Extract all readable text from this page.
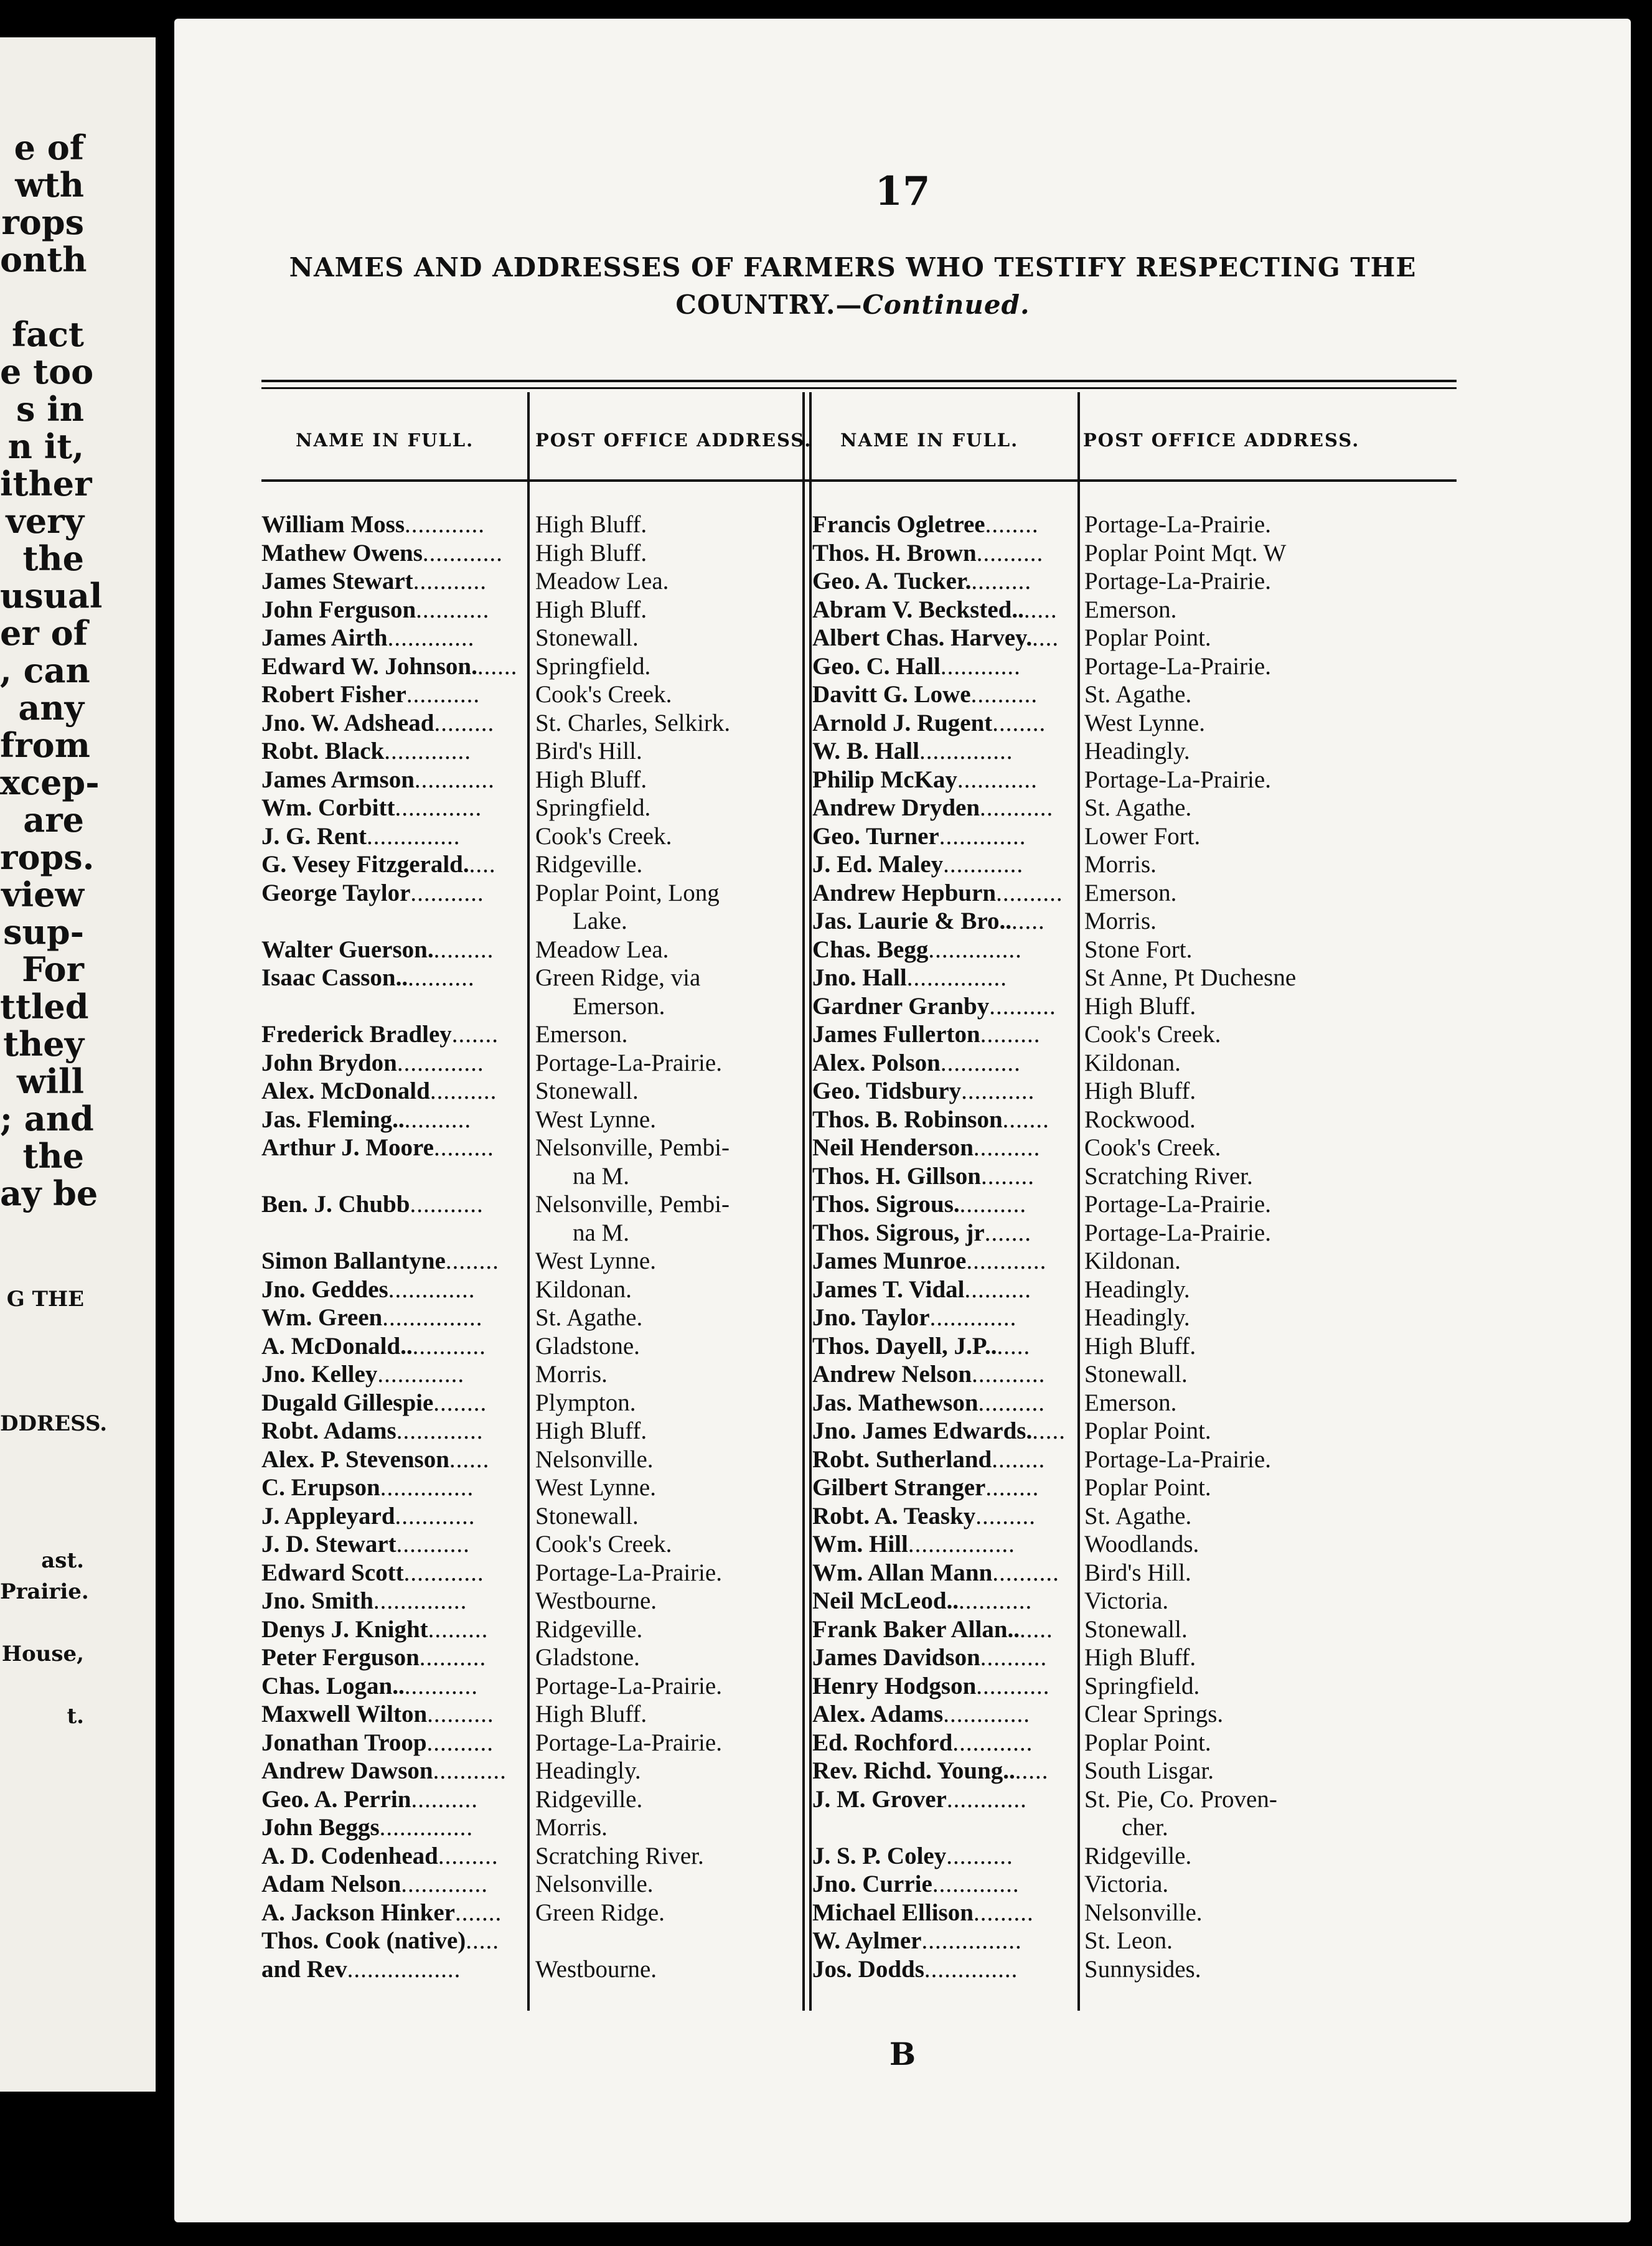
e of
wth
rops
onth
fact
e too
s in
n it,
ither
very
the
usual
er of
, can
any
from
xcep-
are
rops.
view
sup-
For
ttled
they
will
; and
the
ay be
G THE
DDRESS.
ast.
Prairie.
House,
t.
17
NAMES AND ADDRESSES OF FARMERS WHO TESTIFY RESPECTING THE
COUNTRY.—Continued.
NAME IN FULL.	POST OFFICE ADDRESS. NAME IN FULL.	POST OFFICE ADDRESS.
William Moss............
Mathew Owens............
James Stewart...........
John Ferguson...........
James Airth.............
Edward W. Johnson.......
Robert Fisher...........
Jno. W. Adshead.........
Robt. Black.............
James Armson............
Wm. Corbitt.............
J. G. Rent..............
G. Vesey Fitzgerald.....
George Taylor...........
Walter Guerson..........
Isaac Casson............
Frederick Bradley.......
John Brydon.............
Alex. McDonald..........
Jas. Fleming............
Arthur J. Moore.........
Ben. J. Chubb...........
Simon Ballantyne........
Jno. Geddes.............
Wm. Green...............
A. McDonald.............
Jno. Kelley.............
Dugald Gillespie........
Robt. Adams.............
Alex. P. Stevenson......
C. Erupson..............
J. Appleyard............
J. D. Stewart...........
Edward Scott............
Jno. Smith..............
Denys J. Knight.........
Peter Ferguson..........
Chas. Logan.............
Maxwell Wilton..........
Jonathan Troop..........
Andrew Dawson...........
Geo. A. Perrin..........
John Beggs..............
A. D. Codenhead.........
Adam Nelson.............
A. Jackson Hinker.......
Thos. Cook (native).....
and Rev.................
High Bluff.
High Bluff.
Meadow Lea.
High Bluff.
Stonewall.
Springfield.
Cook's Creek.
St. Charles, Selkirk.
Bird's Hill.
High Bluff.
Springfield.
Cook's Creek.
Ridgeville.
Poplar Point, Long
Lake.
Meadow Lea.
Green Ridge, via
Emerson.
Emerson.
Portage-La-Prairie.
Stonewall.
West Lynne.
Nelsonville, Pembi-
na M.
Nelsonville, Pembi-
na M.
West Lynne.
Kildonan.
St. Agathe.
Gladstone.
Morris.
Plympton.
High Bluff.
Nelsonville.
West Lynne.
Stonewall.
Cook's Creek.
Portage-La-Prairie.
Westbourne.
Ridgeville.
Gladstone.
Portage-La-Prairie.
High Bluff.
Portage-La-Prairie.
Headingly.
Ridgeville.
Morris.
Scratching River.
Nelsonville.
Green Ridge.
Westbourne.
Francis Ogletree........
Thos. H. Brown..........
Geo. A. Tucker..........
Abram V. Becksted.......
Albert Chas. Harvey.....
Geo. C. Hall............
Davitt G. Lowe..........
Arnold J. Rugent........
W. B. Hall..............
Philip McKay............
Andrew Dryden...........
Geo. Turner.............
J. Ed. Maley............
Andrew Hepburn..........
Jas. Laurie & Bro.......
Chas. Begg..............
Jno. Hall...............
Gardner Granby..........
James Fullerton.........
Alex. Polson............
Geo. Tidsbury...........
Thos. B. Robinson.......
Neil Henderson..........
Thos. H. Gillson........
Thos. Sigrous...........
Thos. Sigrous, jr.......
James Munroe............
James T. Vidal..........
Jno. Taylor.............
Thos. Dayell, J.P.......
Andrew Nelson...........
Jas. Mathewson..........
Jno. James Edwards......
Robt. Sutherland........
Gilbert Stranger........
Robt. A. Teasky.........
Wm. Hill................
Wm. Allan Mann..........
Neil McLeod.............
Frank Baker Allan.......
James Davidson..........
Henry Hodgson...........
Alex. Adams.............
Ed. Rochford............
Rev. Richd. Young.......
J. M. Grover............
J. S. P. Coley..........
Jno. Currie.............
Michael Ellison.........
W. Aylmer...............
Jos. Dodds..............
Portage-La-Prairie.
Poplar Point Mqt. W
Portage-La-Prairie.
Emerson.
Poplar Point.
Portage-La-Prairie.
St. Agathe.
West Lynne.
Headingly.
Portage-La-Prairie.
St. Agathe.
Lower Fort.
Morris.
Emerson.
Morris.
Stone Fort.
St Anne, Pt Duchesne
High Bluff.
Cook's Creek.
Kildonan.
High Bluff.
Rockwood.
Cook's Creek.
Scratching River.
Portage-La-Prairie.
Portage-La-Prairie.
Kildonan.
Headingly.
Headingly.
High Bluff.
Stonewall.
Emerson.
Poplar Point.
Portage-La-Prairie.
Poplar Point.
St. Agathe.
Woodlands.
Bird's Hill.
Victoria.
Stonewall.
High Bluff.
Springfield.
Clear Springs.
Poplar Point.
South Lisgar.
St. Pie, Co. Proven-
cher.
Ridgeville.
Victoria.
Nelsonville.
St. Leon.
Sunnysides.
B
